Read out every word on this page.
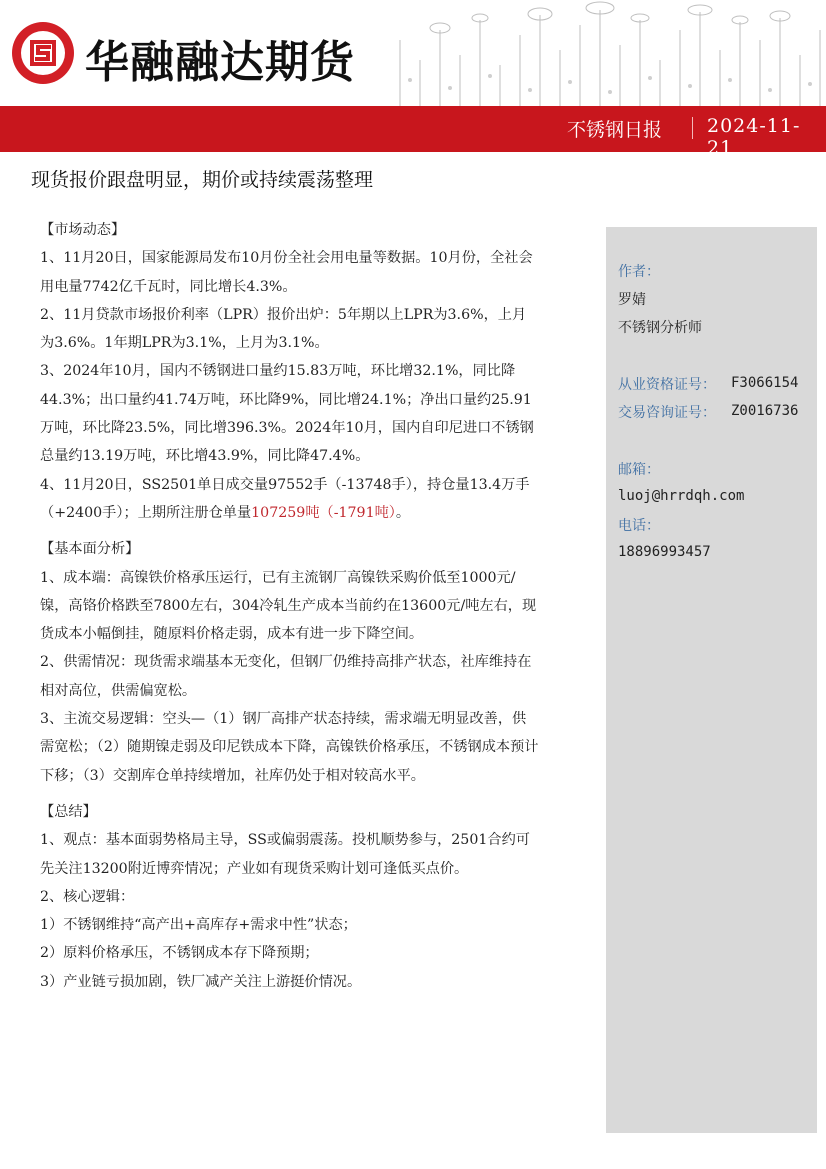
华融融达期货
不锈钢日报 2024-11-21
现货报价跟盘明显，期价或持续震荡整理

【市场动态】

1、11月20日，国家能源局发布10月份全社会用电量等数据。10月份，全社会用电量7742亿千瓦时，同比增长4.3%。

2、11月贷款市场报价利率（LPR）报价出炉：5年期以上LPR为3.6%，上月为3.6%。1年期LPR为3.1%，上月为3.1%。

3、2024年10月，国内不锈钢进口量约15.83万吨，环比增32.1%，同比降44.3%；出口量约41.74万吨，环比降9%，同比增24.1%；净出口量约25.91万吨，环比降23.5%，同比增396.3%。2024年10月，国内自印尼进口不锈钢总量约13.19万吨，环比增43.9%，同比降47.4%。

4、11月20日，SS2501单日成交量97552手（-13748手），持仓量13.4万手（+2400手）；上期所注册仓单量107259吨（-1791吨）。

【基本面分析】

1、成本端：高镍铁价格承压运行，已有主流钢厂高镍铁采购价低至1000元/镍，高铬价格跌至7800左右，304冷轧生产成本当前约在13600元/吨左右，现货成本小幅倒挂，随原料价格走弱，成本有进一步下降空间。

2、供需情况：现货需求端基本无变化，但钢厂仍维持高排产状态，社库维持在相对高位，供需偏宽松。

3、主流交易逻辑：空头—（1）钢厂高排产状态持续，需求端无明显改善，供需宽松；（2）随期镍走弱及印尼铁成本下降，高镍铁价格承压，不锈钢成本预计下移；（3）交割库仓单持续增加，社库仍处于相对较高水平。

【总结】

1、观点：基本面弱势格局主导，SS或偏弱震荡。投机顺势参与，2501合约可先关注13200附近博弈情况；产业如有现货采购计划可逢低买点价。

2、核心逻辑：

1）不锈钢维持“高产出+高库存+需求中性”状态；

2）原料价格承压，不锈钢成本存下降预期；

3）产业链亏损加剧，铁厂减产关注上游挺价情况。

作者：
罗婧
不锈钢分析师
从业资格证号： F3066154
交易咨询证号： Z0016736
邮箱：
luoj@hrrdqh.com
电话：
18896993457
